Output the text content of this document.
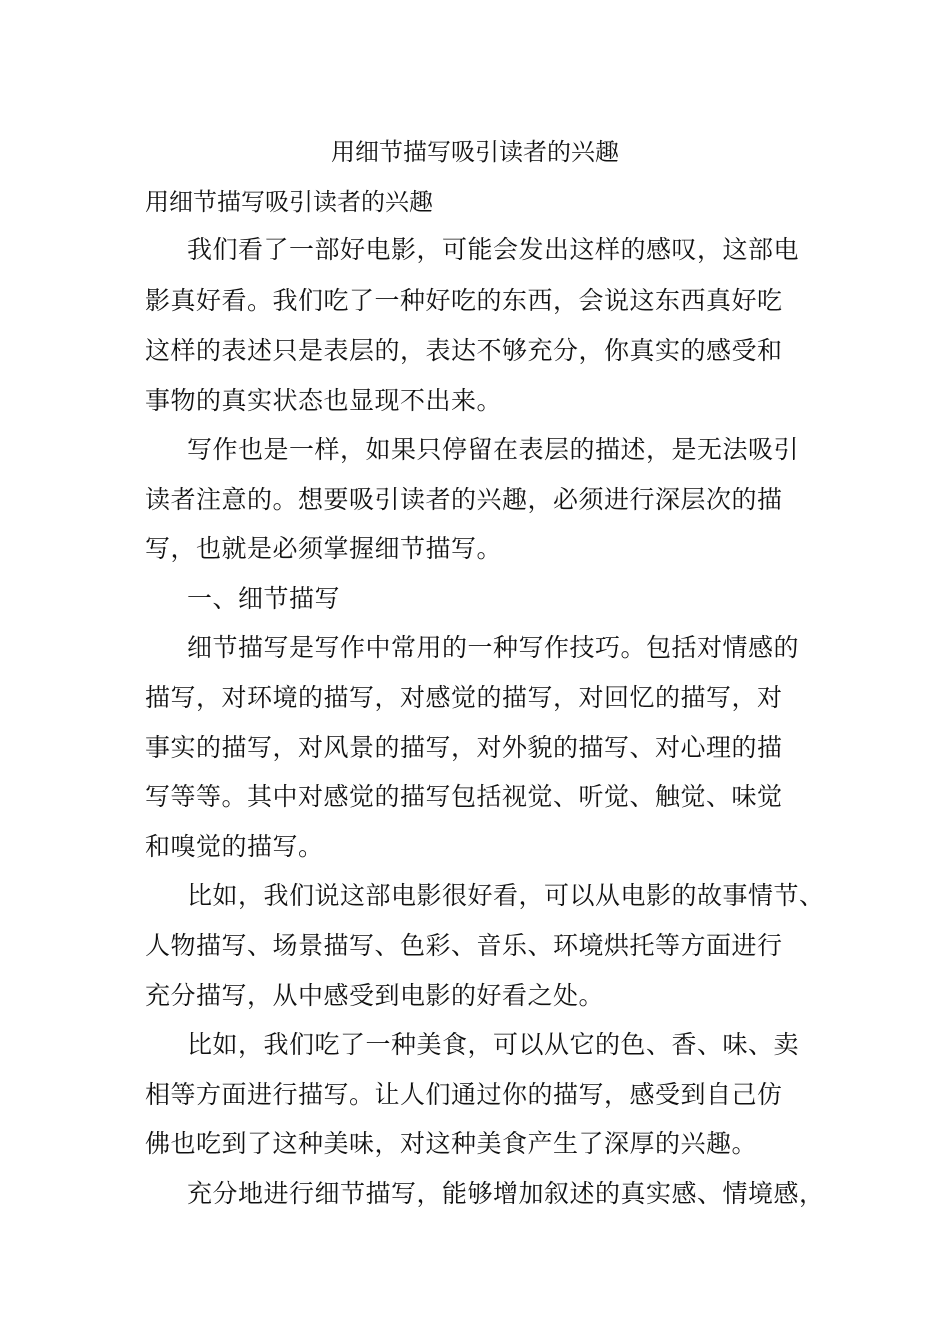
用细节描写吸引读者的兴趣

用细节描写吸引读者的兴趣

我们看了一部好电影，可能会发出这样的感叹，这部电

影真好看。我们吃了一种好吃的东西，会说这东西真好吃

这样的表述只是表层的，表达不够充分，你真实的感受和

事物的真实状态也显现不出来。

写作也是一样，如果只停留在表层的描述，是无法吸引

读者注意的。想要吸引读者的兴趣，必须进行深层次的描

写，也就是必须掌握细节描写。

一、细节描写

细节描写是写作中常用的一种写作技巧。包括对情感的

描写，对环境的描写，对感觉的描写，对回忆的描写，对

事实的描写，对风景的描写，对外貌的描写、对心理的描

写等等。其中对感觉的描写包括视觉、听觉、触觉、味觉

和嗅觉的描写。

比如，我们说这部电影很好看，可以从电影的故事情节、

人物描写、场景描写、色彩、音乐、环境烘托等方面进行

充分描写，从中感受到电影的好看之处。

比如，我们吃了一种美食，可以从它的色、香、味、卖

相等方面进行描写。让人们通过你的描写，感受到自己仿

佛也吃到了这种美味，对这种美食产生了深厚的兴趣。

充分地进行细节描写，能够增加叙述的真实感、情境感，
